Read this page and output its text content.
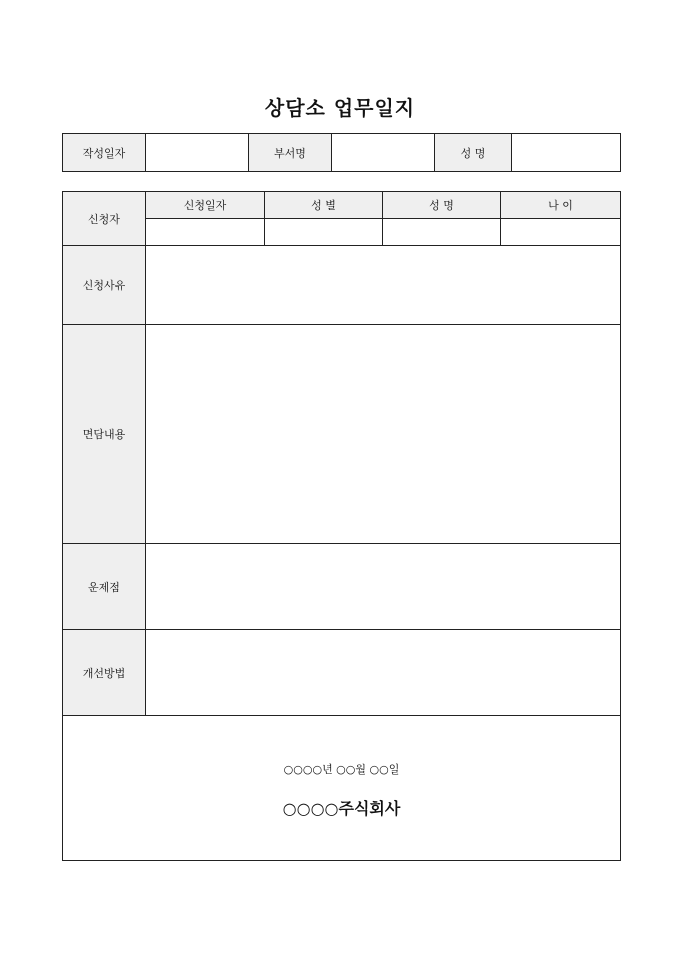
상담소 업무일지
작성일자		부서명		성 명	
신청자	신청일자	성 별	성 명	나 이

신청사유				
면담내용				
운제점				
개선방법				

○○○○년 ○○월 ○○일
○○○○주식회사				
